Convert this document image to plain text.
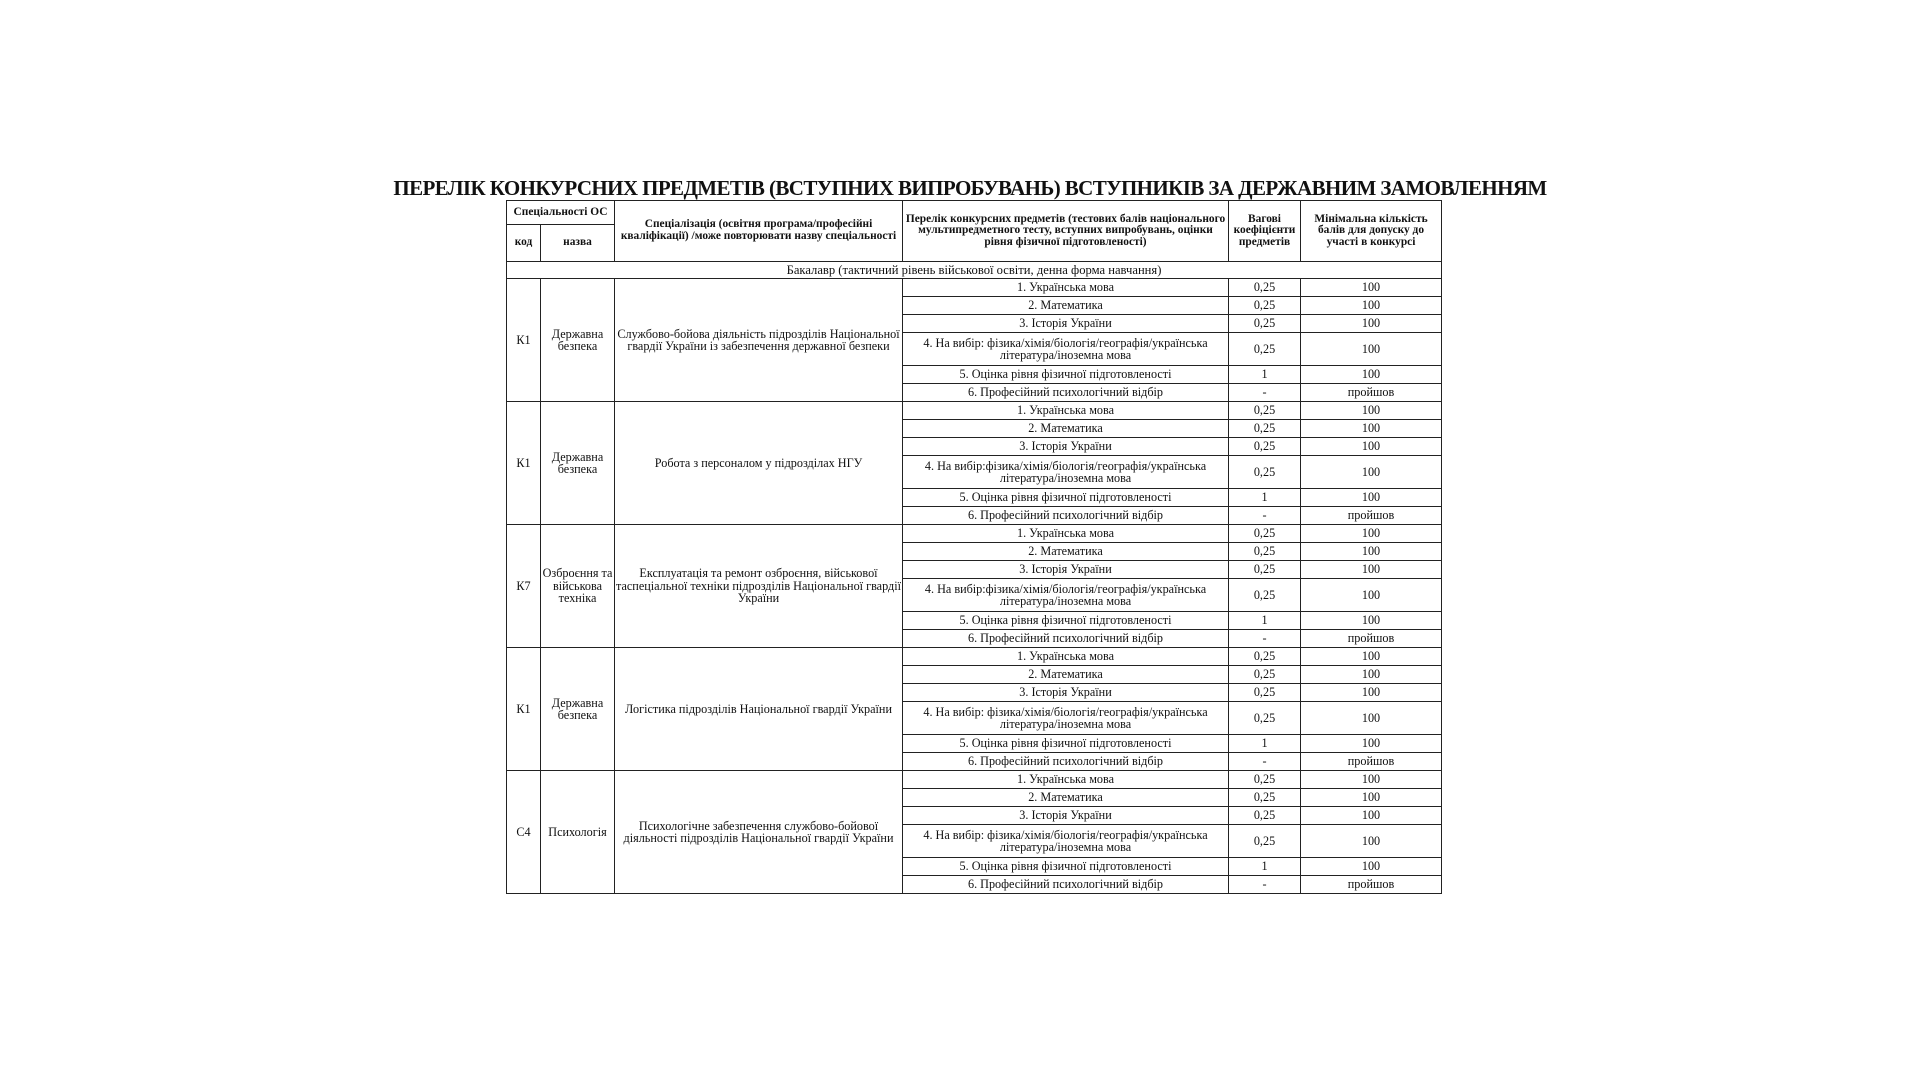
ПЕРЕЛІК КОНКУРСНИХ ПРЕДМЕТІВ (ВСТУПНИХ ВИПРОБУВАНЬ) ВСТУПНИКІВ ЗА ДЕРЖАВНИМ ЗАМОВЛЕННЯМ
Спеціальності ОС		Спеціалізація (освітня програма/професійні кваліфікації) /може повторювати назву спеціальності	Перелік конкурсних предметів (тестових балів національного мультипредметного тесту, вступних випробувань, оцінки рівня фізичної підготовленості)	Вагові коефіцієнти предметів	Мінімальна кількість балів для допуску до участі в конкурсі
код	назва				
Бакалавр (тактичний рівень військової освіти, денна форма навчання)					
К1	Державна безпека	Службово-бойова діяльність підрозділів Національної гвардії України із забезпечення державної безпеки	1. Українська мова	0,25	100
			2. Математика	0,25	100
			3. Історія України	0,25	100
			4. На вибір: фізика/хімія/біологія/географія/українська література/іноземна мова	0,25	100
			5. Оцінка рівня фізичної підготовленості	1	100
			6. Професійний психологічний відбір	-	пройшов
К1	Державна безпека	Робота з персоналом у підрозділах НГУ	1. Українська мова	0,25	100
			2. Математика	0,25	100
			3. Історія України	0,25	100
			4. На вибір:фізика/хімія/біологія/географія/українська література/іноземна мова	0,25	100
			5. Оцінка рівня фізичної підготовленості	1	100
			6. Професійний психологічний відбір	-	пройшов
К7	Озброєння та військова техніка	Експлуатація та ремонт озброєння, військової таспеціальної техніки підрозділів Національної гвардії України	1. Українська мова	0,25	100
			2. Математика	0,25	100
			3. Історія України	0,25	100
			4. На вибір:фізика/хімія/біологія/географія/українська література/іноземна мова	0,25	100
			5. Оцінка рівня фізичної підготовленості	1	100
			6. Професійний психологічний відбір	-	пройшов
К1	Державна безпека	Логістика підрозділів Національної гвардії України	1. Українська мова	0,25	100
			2. Математика	0,25	100
			3. Історія України	0,25	100
			4. На вибір: фізика/хімія/біологія/географія/українська література/іноземна мова	0,25	100
			5. Оцінка рівня фізичної підготовленості	1	100
			6. Професійний психологічний відбір	-	пройшов
С4	Психологія	Психологічне забезпечення службово-бойової діяльності підрозділів Національної гвардії України	1. Українська мова	0,25	100
			2. Математика	0,25	100
			3. Історія України	0,25	100
			4. На вибір: фізика/хімія/біологія/географія/українська література/іноземна мова	0,25	100
			5. Оцінка рівня фізичної підготовленості	1	100
			6. Професійний психологічний відбір	-	пройшов
